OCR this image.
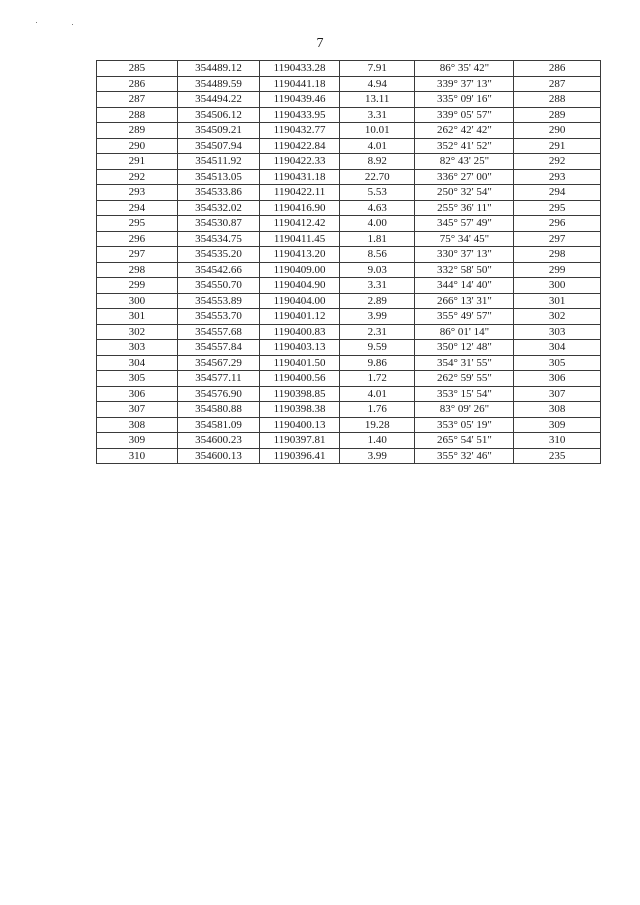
7
285	354489.12	1190433.28	7.91	86° 35' 42"	286
286	354489.59	1190441.18	4.94	339° 37' 13"	287
287	354494.22	1190439.46	13.11	335° 09' 16"	288
288	354506.12	1190433.95	3.31	339° 05' 57"	289
289	354509.21	1190432.77	10.01	262° 42' 42"	290
290	354507.94	1190422.84	4.01	352° 41' 52"	291
291	354511.92	1190422.33	8.92	82° 43' 25"	292
292	354513.05	1190431.18	22.70	336° 27' 00"	293
293	354533.86	1190422.11	5.53	250° 32' 54"	294
294	354532.02	1190416.90	4.63	255° 36' 11"	295
295	354530.87	1190412.42	4.00	345° 57' 49"	296
296	354534.75	1190411.45	1.81	75° 34' 45"	297
297	354535.20	1190413.20	8.56	330° 37' 13"	298
298	354542.66	1190409.00	9.03	332° 58' 50"	299
299	354550.70	1190404.90	3.31	344° 14' 40"	300
300	354553.89	1190404.00	2.89	266° 13' 31"	301
301	354553.70	1190401.12	3.99	355° 49' 57"	302
302	354557.68	1190400.83	2.31	86° 01' 14"	303
303	354557.84	1190403.13	9.59	350° 12' 48"	304
304	354567.29	1190401.50	9.86	354° 31' 55"	305
305	354577.11	1190400.56	1.72	262° 59' 55"	306
306	354576.90	1190398.85	4.01	353° 15' 54"	307
307	354580.88	1190398.38	1.76	83° 09' 26"	308
308	354581.09	1190400.13	19.28	353° 05' 19"	309
309	354600.23	1190397.81	1.40	265° 54' 51"	310
310	354600.13	1190396.41	3.99	355° 32' 46"	235
